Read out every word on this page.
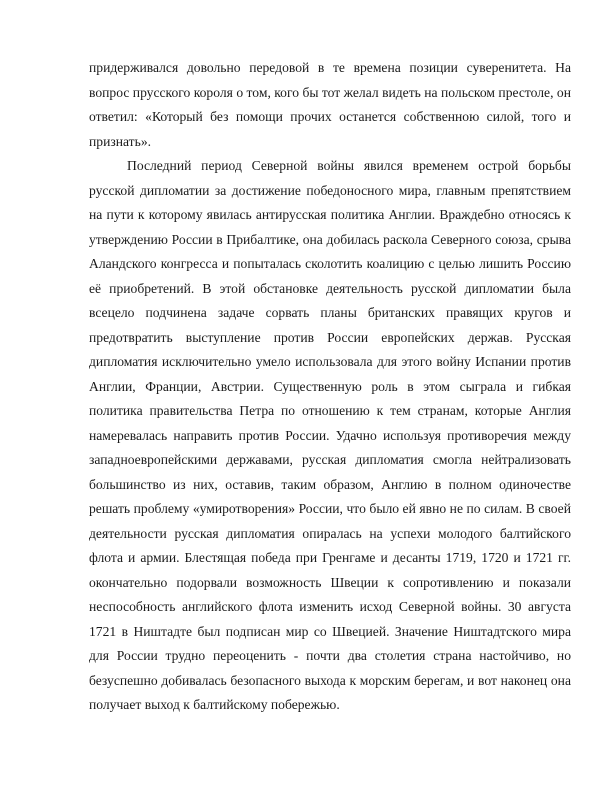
придерживался довольно передовой в те времена позиции суверенитета. На вопрос прусского короля о том, кого бы тот желал видеть на польском престоле, он ответил: «Который без помощи прочих останется собственною силой, того и признать».

Последний период Северной войны явился временем острой борьбы русской дипломатии за достижение победоносного мира, главным препятствием на пути к которому явилась антирусская политика Англии. Враждебно относясь к утверждению России в Прибалтике, она добилась раскола Северного союза, срыва Аландского конгресса и попыталась сколотить коалицию с целью лишить Россию её приобретений. В этой обстановке деятельность русской дипломатии была всецело подчинена задаче сорвать планы британских правящих кругов и предотвратить выступление против России европейских держав. Русская дипломатия исключительно умело использовала для этого войну Испании против Англии, Франции, Австрии. Существенную роль в этом сыграла и гибкая политика правительства Петра по отношению к тем странам, которые Англия намеревалась направить против России. Удачно используя противоречия между западноевропейскими державами, русская дипломатия смогла нейтрализовать большинство из них, оставив, таким образом, Англию в полном одиночестве решать проблему «умиротворения» России, что было ей явно не по силам. В своей деятельности русская дипломатия опиралась на успехи молодого балтийского флота и армии. Блестящая победа при Гренгаме и десанты 1719, 1720 и 1721 гг. окончательно подорвали возможность Швеции к сопротивлению и показали неспособность английского флота изменить исход Северной войны. 30 августа 1721 в Ништадте был подписан мир со Швецией. Значение Ништадтского мира для России трудно переоценить - почти два столетия страна настойчиво, но безуспешно добивалась безопасного выхода к морским берегам, и вот наконец она получает выход к балтийскому побережью.
